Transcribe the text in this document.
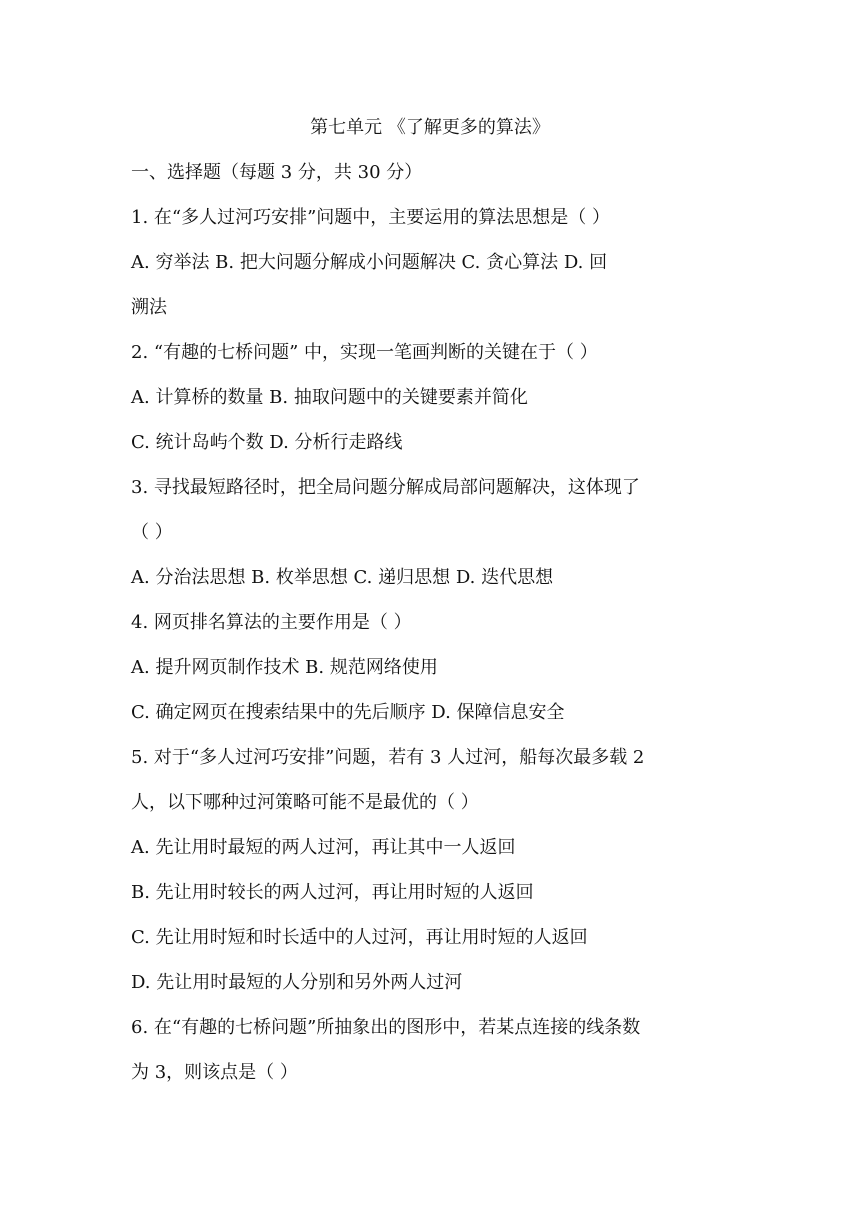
第七单元 《了解更多的算法》
一、选择题（每题 3 分，共 30 分）
1. 在“多人过河巧安排”问题中，主要运用的算法思想是（ ）
A. 穷举法 B. 把大问题分解成小问题解决 C. 贪心算法 D. 回
溯法
2. “有趣的七桥问题” 中，实现一笔画判断的关键在于（ ）
A. 计算桥的数量 B. 抽取问题中的关键要素并简化
C. 统计岛屿个数 D. 分析行走路线
3. 寻找最短路径时，把全局问题分解成局部问题解决，这体现了
（ ）
A. 分治法思想 B. 枚举思想 C. 递归思想 D. 迭代思想
4. 网页排名算法的主要作用是（ ）
A. 提升网页制作技术 B. 规范网络使用
C. 确定网页在搜索结果中的先后顺序 D. 保障信息安全
5. 对于“多人过河巧安排”问题，若有 3 人过河，船每次最多载 2
人，以下哪种过河策略可能不是最优的（ ）
A. 先让用时最短的两人过河，再让其中一人返回
B. 先让用时较长的两人过河，再让用时短的人返回
C. 先让用时短和时长适中的人过河，再让用时短的人返回
D. 先让用时最短的人分别和另外两人过河
6. 在“有趣的七桥问题”所抽象出的图形中，若某点连接的线条数
为 3，则该点是（ ）
